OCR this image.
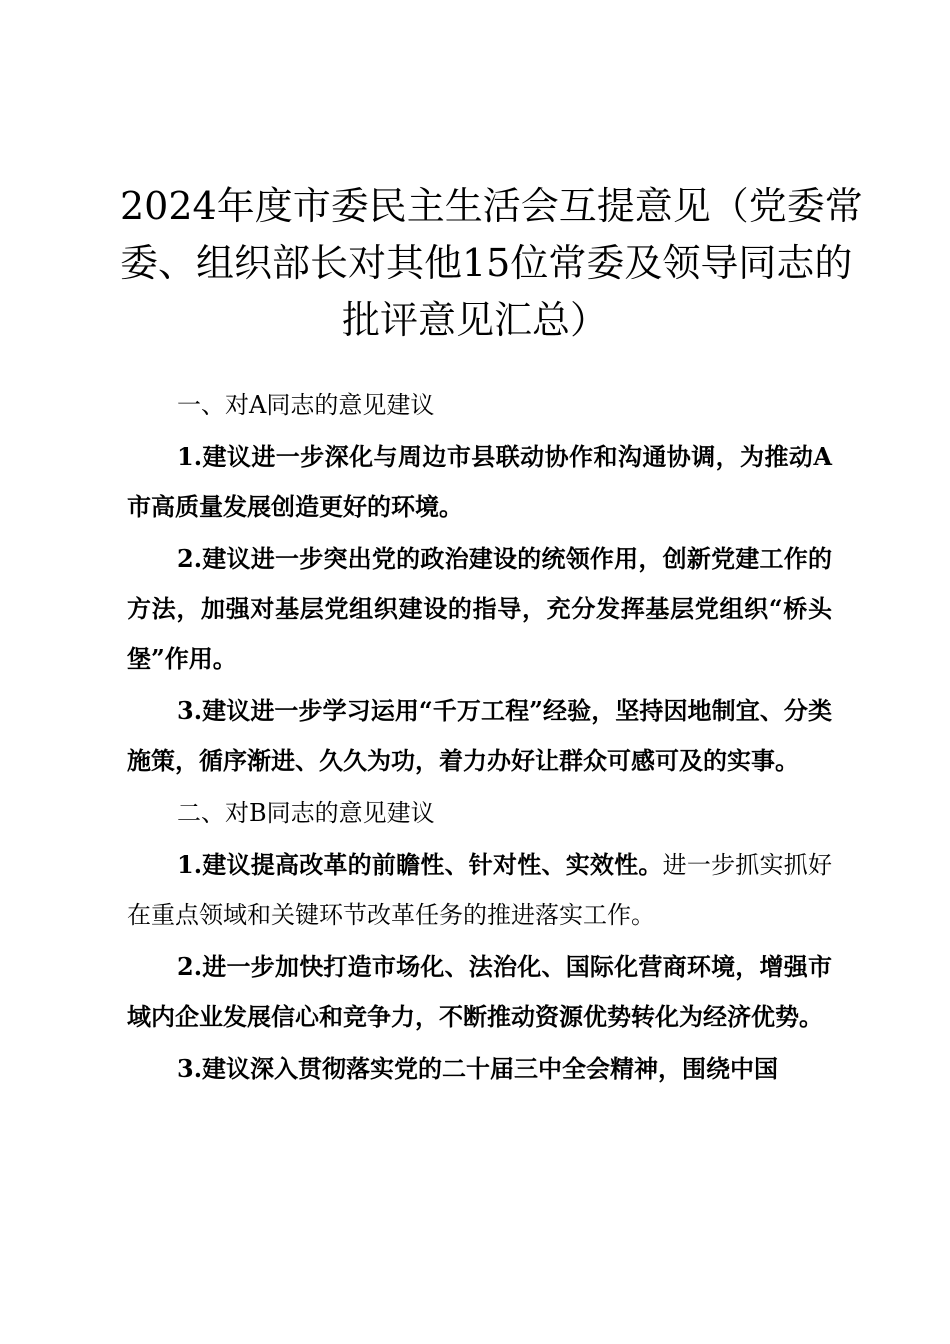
2024年度市委民主生活会互提意见（党委常
委、组织部长对其他15位常委及领导同志的
批评意见汇总）

一、对A同志的意见建议

1.建议进一步深化与周边市县联动协作和沟通协调，为推动A市高质量发展创造更好的环境。

2.建议进一步突出党的政治建设的统领作用，创新党建工作的方法，加强对基层党组织建设的指导，充分发挥基层党组织“桥头堡”作用。

3.建议进一步学习运用“千万工程”经验，坚持因地制宜、分类施策，循序渐进、久久为功，着力办好让群众可感可及的实事。

二、对B同志的意见建议

1.建议提高改革的前瞻性、针对性、实效性。进一步抓实抓好在重点领域和关键环节改革任务的推进落实工作。

2.进一步加快打造市场化、法治化、国际化营商环境，增强市域内企业发展信心和竞争力，不断推动资源优势转化为经济优势。

3.建议深入贯彻落实党的二十届三中全会精神，围绕中国
